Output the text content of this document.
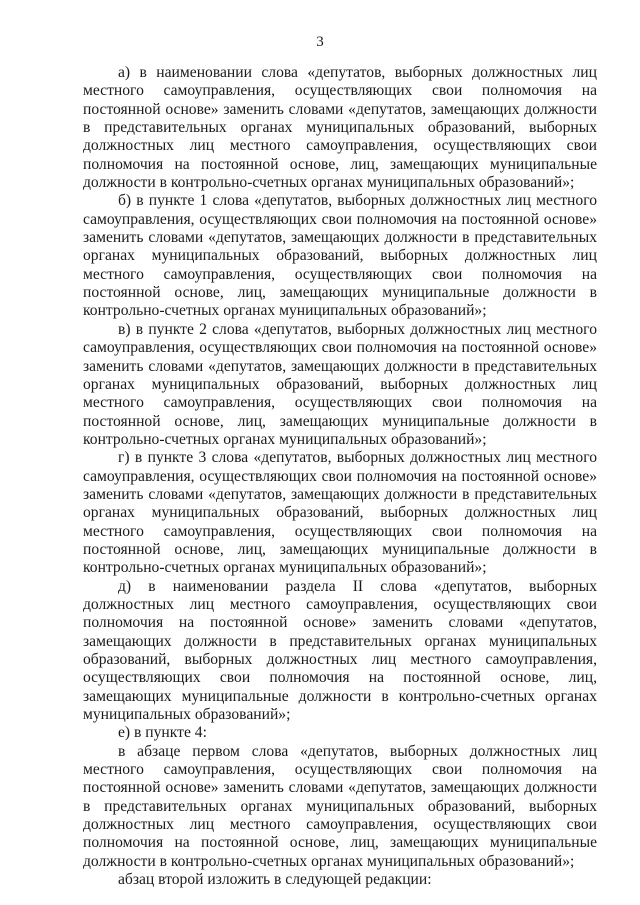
3

а) в наименовании слова «депутатов, выборных должностных лиц местного самоуправления, осуществляющих свои полномочия на постоянной основе» заменить словами «депутатов, замещающих должности в представительных органах муниципальных образований, выборных должностных лиц местного самоуправления, осуществляющих свои полномочия на постоянной основе, лиц, замещающих муниципальные должности в контрольно-счетных органах муниципальных образований»;

б) в пункте 1 слова «депутатов, выборных должностных лиц местного самоуправления, осуществляющих свои полномочия на постоянной основе» заменить словами «депутатов, замещающих должности в представительных органах муниципальных образований, выборных должностных лиц местного самоуправления, осуществляющих свои полномочия на постоянной основе, лиц, замещающих муниципальные должности в контрольно-счетных органах муниципальных образований»;

в) в пункте 2 слова «депутатов, выборных должностных лиц местного самоуправления, осуществляющих свои полномочия на постоянной основе» заменить словами «депутатов, замещающих должности в представительных органах муниципальных образований, выборных должностных лиц местного самоуправления, осуществляющих свои полномочия на постоянной основе, лиц, замещающих муниципальные должности в контрольно-счетных органах муниципальных образований»;

г) в пункте 3 слова «депутатов, выборных должностных лиц местного самоуправления, осуществляющих свои полномочия на постоянной основе» заменить словами «депутатов, замещающих должности в представительных органах муниципальных образований, выборных должностных лиц местного самоуправления, осуществляющих свои полномочия на постоянной основе, лиц, замещающих муниципальные должности в контрольно-счетных органах муниципальных образований»;

д) в наименовании раздела II слова «депутатов, выборных должностных лиц местного самоуправления, осуществляющих свои полномочия на постоянной основе» заменить словами «депутатов, замещающих должности в представительных органах муниципальных образований, выборных должностных лиц местного самоуправления, осуществляющих свои полномочия на постоянной основе, лиц, замещающих муниципальные должности в контрольно-счетных органах муниципальных образований»;

е) в пункте 4:

в абзаце первом слова «депутатов, выборных должностных лиц местного самоуправления, осуществляющих свои полномочия на постоянной основе» заменить словами «депутатов, замещающих должности в представительных органах муниципальных образований, выборных должностных лиц местного самоуправления, осуществляющих свои полномочия на постоянной основе, лиц, замещающих муниципальные должности в контрольно-счетных органах муниципальных образований»;

абзац второй изложить в следующей редакции:
